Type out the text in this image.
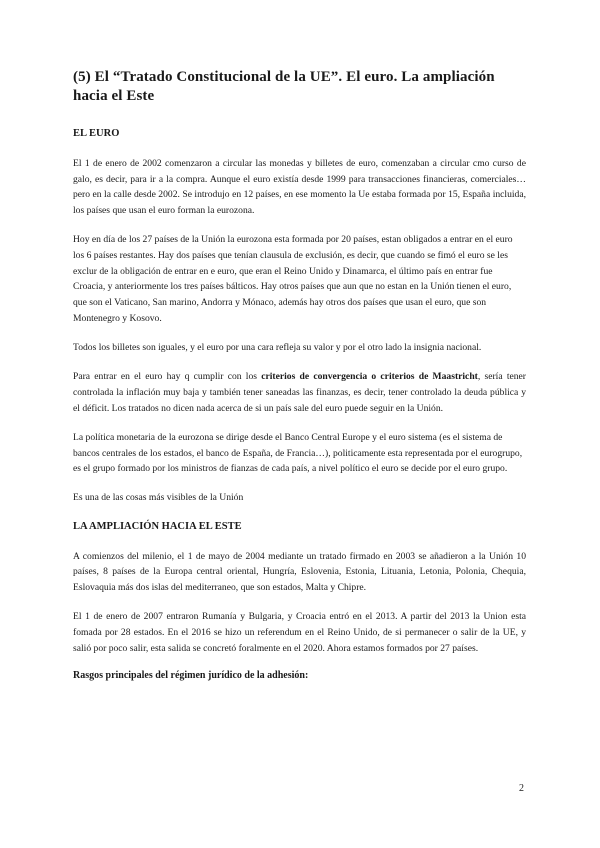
(5) El “Tratado Constitucional de la UE”. El euro. La ampliación hacia el Este
EL EURO

El 1 de enero de 2002 comenzaron a circular las monedas y billetes de euro, comenzaban a circular cmo curso de galo, es decir, para ir a la compra. Aunque el euro existía desde 1999 para transacciones financieras, comerciales… pero en la calle desde 2002. Se introdujo en 12 países, en ese momento la Ue estaba formada por 15, España incluida, los países que usan el euro forman la eurozona.

Hoy en día de los 27 países de la Unión la eurozona esta formada por 20 países, estan obligados a entrar en el euro los 6 países restantes. Hay dos países que tenían clausula de exclusión, es decir, que cuando se fimó el euro se les exclur de la obligación de entrar en e euro, que eran el Reino Unido y Dinamarca, el último país en entrar fue Croacia, y anteriormente los tres países bálticos. Hay otros países que aun que no estan en la Unión tienen el euro, que son el Vaticano, San marino, Andorra y Mónaco, además hay otros dos países que usan el euro, que son Montenegro y Kosovo.

Todos los billetes son iguales, y el euro por una cara refleja su valor y por el otro lado la insignia nacional.

Para entrar en el euro hay q cumplir con los criterios de convergencia o criterios de Maastricht, sería tener controlada la inflación muy baja y también tener saneadas las finanzas, es decir, tener controlado la deuda pública y el déficit. Los tratados no dicen nada acerca de si un país sale del euro puede seguir en la Unión.

La política monetaria de la eurozona se dirige desde el Banco Central Europe y el euro sistema (es el sistema de bancos centrales de los estados, el banco de España, de Francia…), politicamente esta representada por el eurogrupo, es el grupo formado por los ministros de fianzas de cada país, a nivel político el euro se decide por el euro grupo.

Es una de las cosas más visibles de la Unión

LA AMPLIACIÓN HACIA EL ESTE

A comienzos del milenio, el 1 de mayo de 2004 mediante un tratado firmado en 2003 se añadieron a la Unión 10 países, 8 países de la Europa central oriental, Hungría, Eslovenia, Estonia, Lituania, Letonia, Polonia, Chequia, Eslovaquia más dos islas del mediterraneo, que son estados, Malta y Chipre.

El 1 de enero de 2007 entraron Rumanía y Bulgaria, y Croacia entró en el 2013. A partir del 2013 la Union esta fomada por 28 estados. En el 2016 se hizo un referendum en el Reino Unido, de si permanecer o salir de la UE, y salió por poco salir, esta salida se concretó foralmente en el 2020. Ahora estamos formados por 27 países.

Rasgos principales del régimen jurídico de la adhesión:
2
